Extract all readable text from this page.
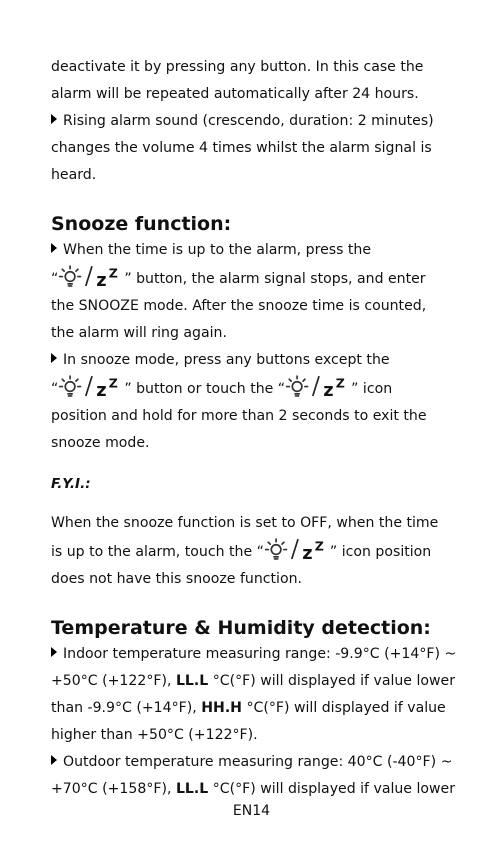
deactivate it by pressing any button. In this case the

alarm will be repeated automatically after 24 hours.

Rising alarm sound (crescendo, duration: 2 minutes)

changes the volume 4 times whilst the alarm signal is

heard.

Snooze function:

When the time is up to the alarm, press the

“	” button, the alarm signal stops, and enter

the SNOOZE mode. After the snooze time is counted,

the alarm will ring again.

In snooze mode, press any buttons except the

“	” button or touch the “	” icon

position and hold for more than 2 seconds to exit the

snooze mode.

F.Y.I.:

When the snooze function is set to OFF, when the time

is up to the alarm, touch the “	” icon position

does not have this snooze function.

Temperature & Humidity detection:

Indoor temperature measuring range: -9.9°C (+14°F) ~

+50°C (+122°F), LL.L °C(°F) will displayed if value lower

than -9.9°C (+14°F), HH.H °C(°F) will displayed if value

higher than +50°C (+122°F).

Outdoor temperature measuring range: 40°C (-40°F) ~

+70°C (+158°F), LL.L °C(°F) will displayed if value lower

EN14
